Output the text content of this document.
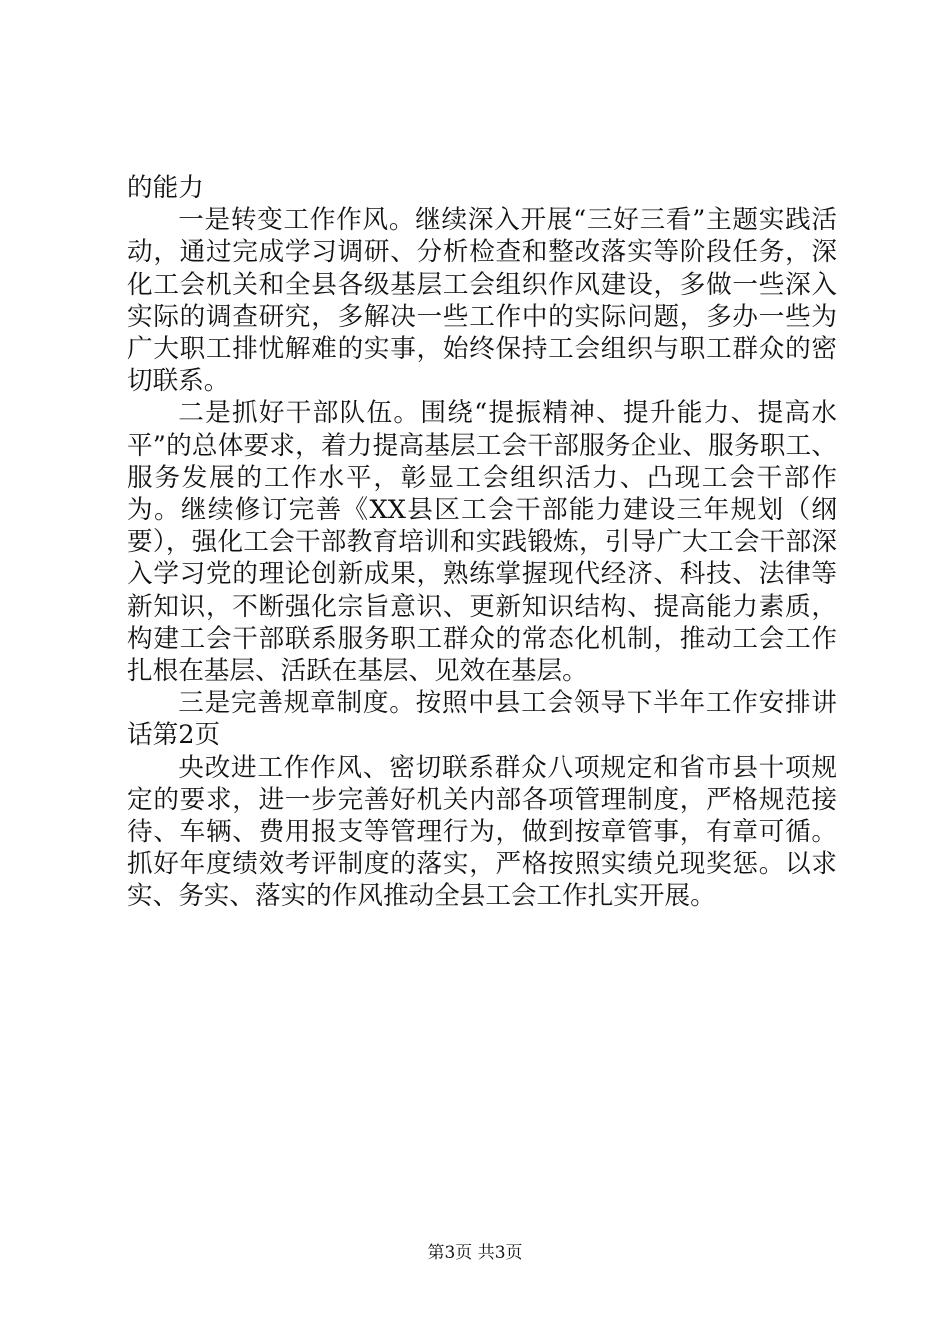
的能力

一是转变工作作风。继续深入开展“三好三看”主题实践活动，通过完成学习调研、分析检查和整改落实等阶段任务，深化工会机关和全县各级基层工会组织作风建设，多做一些深入实际的调查研究，多解决一些工作中的实际问题，多办一些为广大职工排忧解难的实事，始终保持工会组织与职工群众的密切联系。

二是抓好干部队伍。围绕“提振精神、提升能力、提高水平”的总体要求，着力提高基层工会干部服务企业、服务职工、服务发展的工作水平，彰显工会组织活力、凸现工会干部作为。继续修订完善《XX县区工会干部能力建设三年规划（纲要），强化工会干部教育培训和实践锻炼，引导广大工会干部深入学习党的理论创新成果，熟练掌握现代经济、科技、法律等新知识，不断强化宗旨意识、更新知识结构、提高能力素质，构建工会干部联系服务职工群众的常态化机制，推动工会工作扎根在基层、活跃在基层、见效在基层。

三是完善规章制度。按照中县工会领导下半年工作安排讲话第2页

央改进工作作风、密切联系群众八项规定和省市县十项规定的要求，进一步完善好机关内部各项管理制度，严格规范接待、车辆、费用报支等管理行为，做到按章管事，有章可循。抓好年度绩效考评制度的落实，严格按照实绩兑现奖惩。以求实、务实、落实的作风推动全县工会工作扎实开展。

第3页 共3页
